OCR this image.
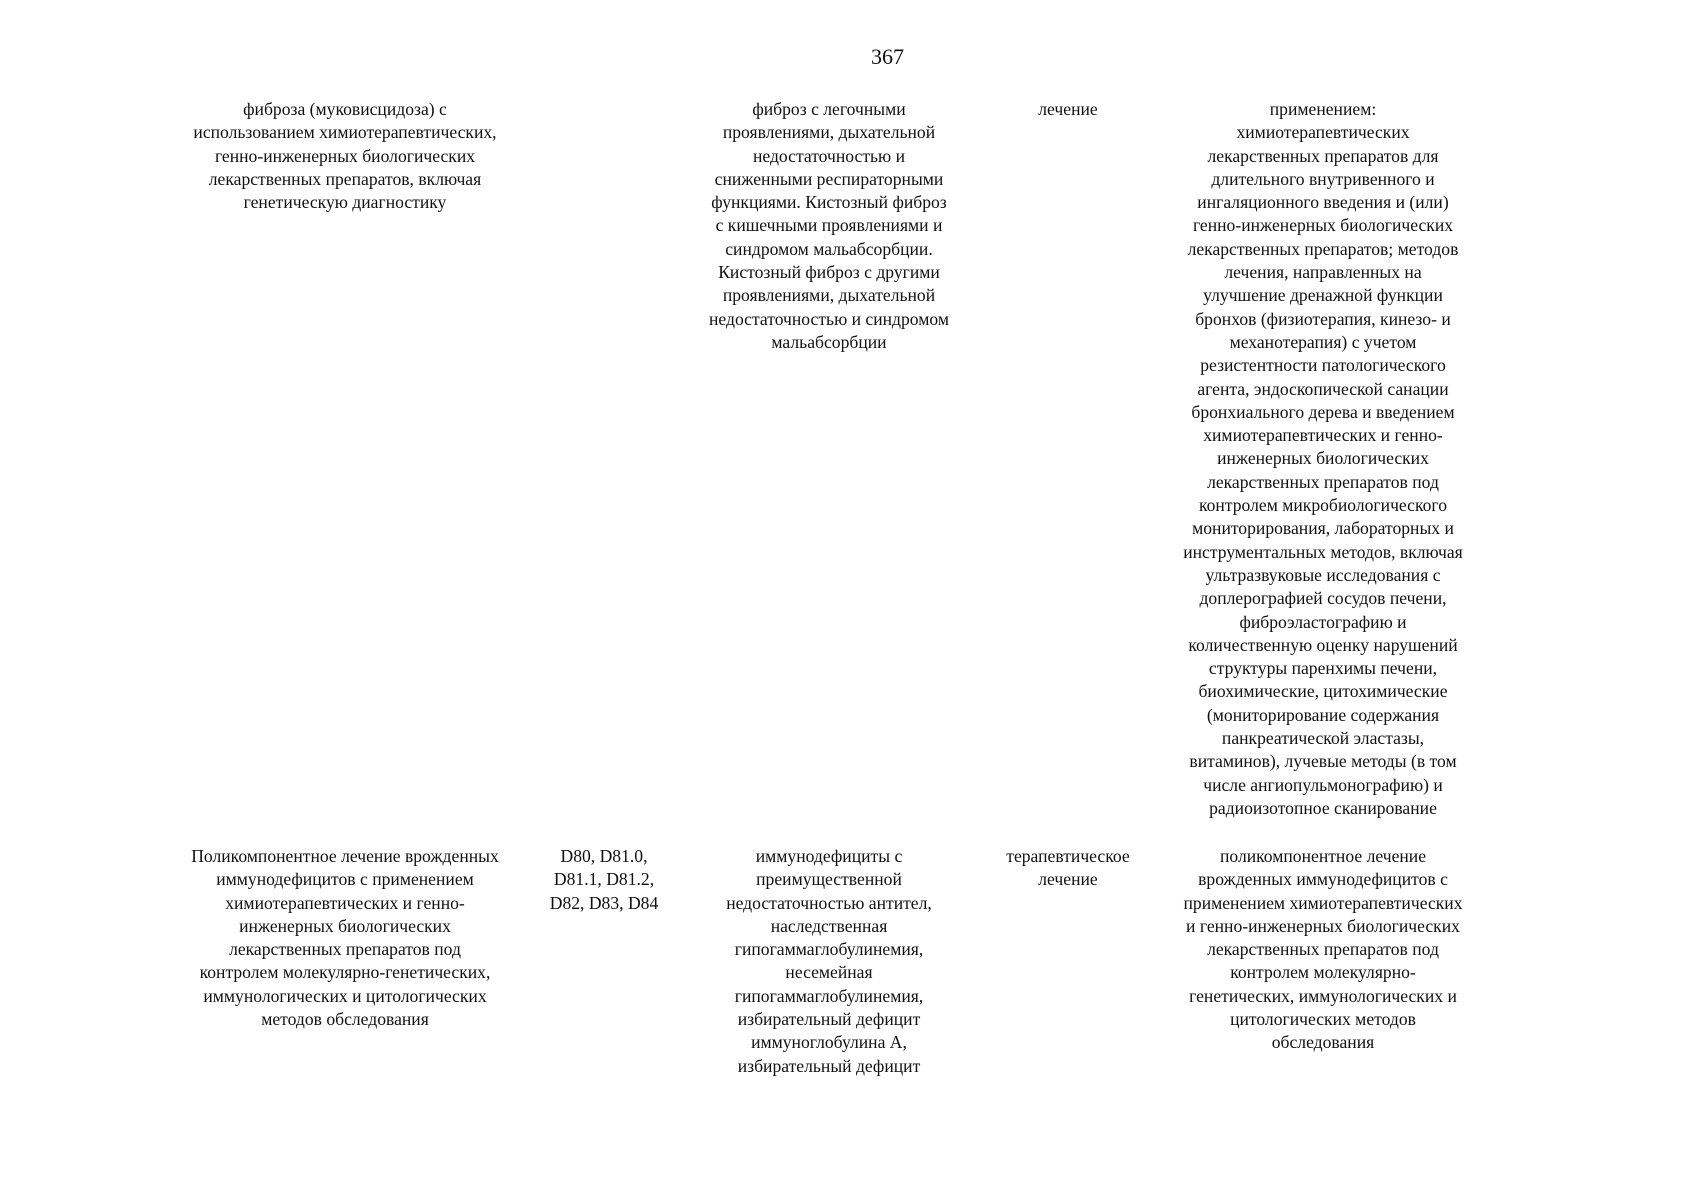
367
фиброза (муковисцидоза) с
использованием химиотерапевтических,
генно-инженерных биологических
лекарственных препаратов, включая
генетическую диагностику
фиброз с легочными
проявлениями, дыхательной
недостаточностью и
сниженными респираторными
функциями. Кистозный фиброз
с кишечными проявлениями и
синдромом мальабсорбции.
Кистозный фиброз с другими
проявлениями, дыхательной
недостаточностью и синдромом
мальабсорбции
лечение	применением:
химиотерапевтических
лекарственных препаратов для
длительного внутривенного и
ингаляционного введения и (или)
генно-инженерных биологических
лекарственных препаратов; методов
лечения, направленных на
улучшение дренажной функции
бронхов (физиотерапия, кинезо- и
механотерапия) с учетом
резистентности патологического
агента, эндоскопической санации
бронхиального дерева и введением
химиотерапевтических и генно-
инженерных биологических
лекарственных препаратов под
контролем микробиологического
мониторирования, лабораторных и
инструментальных методов, включая
ультразвуковые исследования с
доплерографией сосудов печени,
фиброэластографию и
количественную оценку нарушений
структуры паренхимы печени,
биохимические, цитохимические
(мониторирование содержания
панкреатической эластазы,
витаминов), лучевые методы (в том
числе ангиопульмонографию) и
радиоизотопное сканирование
Поликомпонентное лечение врожденных
иммунодефицитов с применением
химиотерапевтических и генно-
инженерных биологических
лекарственных препаратов под
контролем молекулярно-генетических,
иммунологических и цитологических
методов обследования
D80, D81.0,
D81.1, D81.2,
D82, D83, D84
иммунодефициты с
преимущественной
недостаточностью антител,
наследственная
гипогаммаглобулинемия,
несемейная
гипогаммаглобулинемия,
избирательный дефицит
иммуноглобулина A,
избирательный дефицит
терапевтическое
лечение
поликомпонентное лечение
врожденных иммунодефицитов с
применением химиотерапевтических
и генно-инженерных биологических
лекарственных препаратов под
контролем молекулярно-
генетических, иммунологических и
цитологических методов
обследования
